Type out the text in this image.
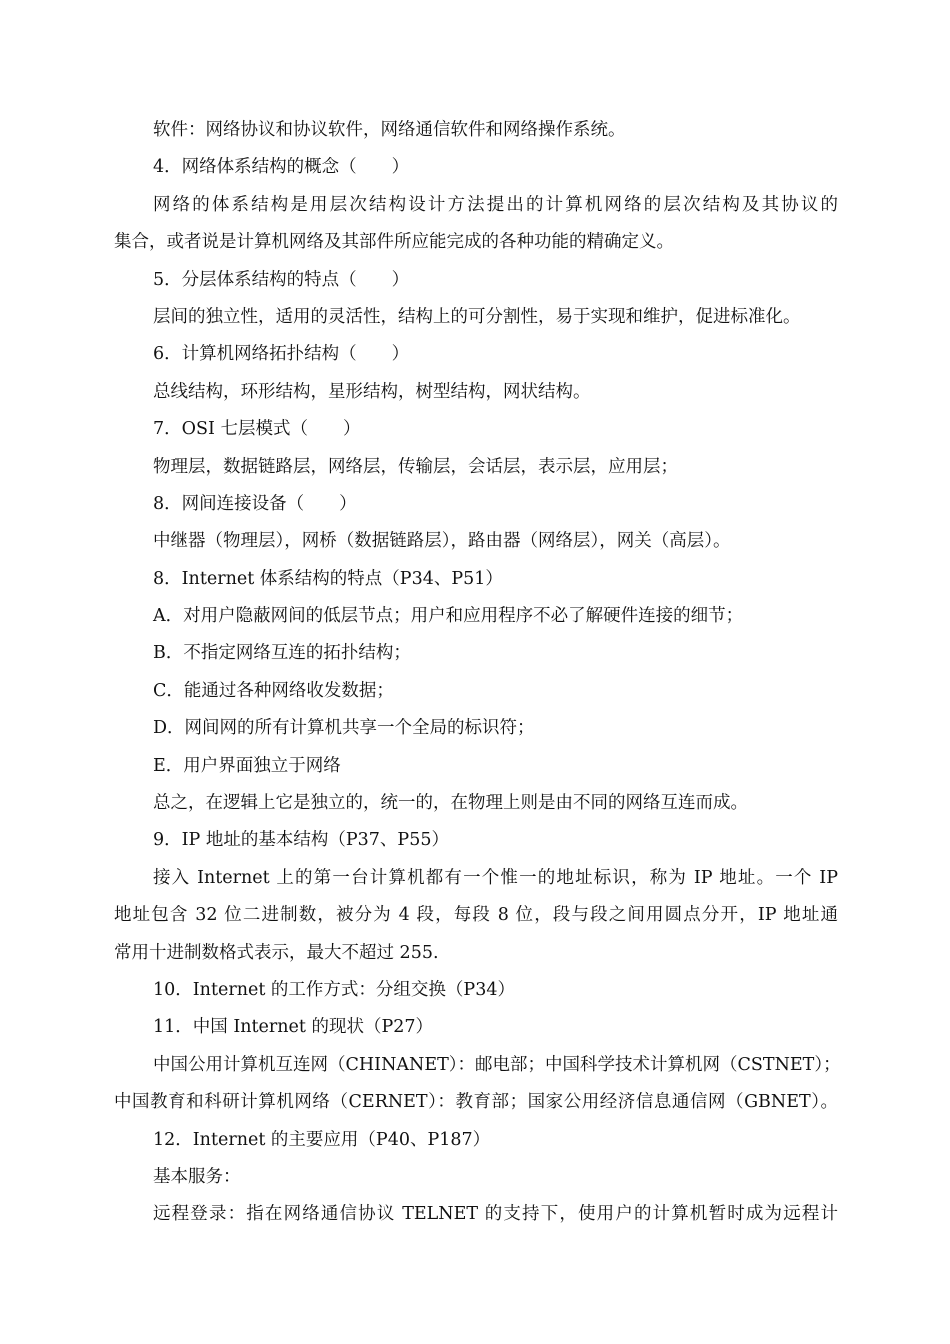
软件：网络协议和协议软件，网络通信软件和网络操作系统。
4．网络体系结构的概念（　　）
网络的体系结构是用层次结构设计方法提出的计算机网络的层次结构及其协议的
集合，或者说是计算机网络及其部件所应能完成的各种功能的精确定义。
5．分层体系结构的特点（　　）
层间的独立性，适用的灵活性，结构上的可分割性，易于实现和维护，促进标准化。
6．计算机网络拓扑结构（　　）
总线结构，环形结构，星形结构，树型结构，网状结构。
7．OSI 七层模式（　　）
物理层，数据链路层，网络层，传输层，会话层，表示层，应用层；
8．网间连接设备（　　）
中继器（物理层），网桥（数据链路层），路由器（网络层），网关（高层）。
8．Internet 体系结构的特点（P34、P51）
A．对用户隐蔽网间的低层节点；用户和应用程序不必了解硬件连接的细节；
B．不指定网络互连的拓扑结构；
C．能通过各种网络收发数据；
D．网间网的所有计算机共享一个全局的标识符；
E．用户界面独立于网络
总之，在逻辑上它是独立的，统一的，在物理上则是由不同的网络互连而成。
9．IP 地址的基本结构（P37、P55）
接入 Internet 上的第一台计算机都有一个惟一的地址标识，称为 IP 地址。一个 IP
地址包含 32 位二进制数，被分为 4 段，每段 8 位，段与段之间用圆点分开，IP 地址通
常用十进制数格式表示，最大不超过 255.
10．Internet 的工作方式：分组交换（P34）
11．中国 Internet 的现状（P27）
中国公用计算机互连网（CHINANET）：邮电部；中国科学技术计算机网（CSTNET）；
中国教育和科研计算机网络（CERNET）：教育部；国家公用经济信息通信网（GBNET）。
12．Internet 的主要应用（P40、P187）
基本服务：
远程登录：指在网络通信协议 TELNET 的支持下，使用户的计算机暂时成为远程计
